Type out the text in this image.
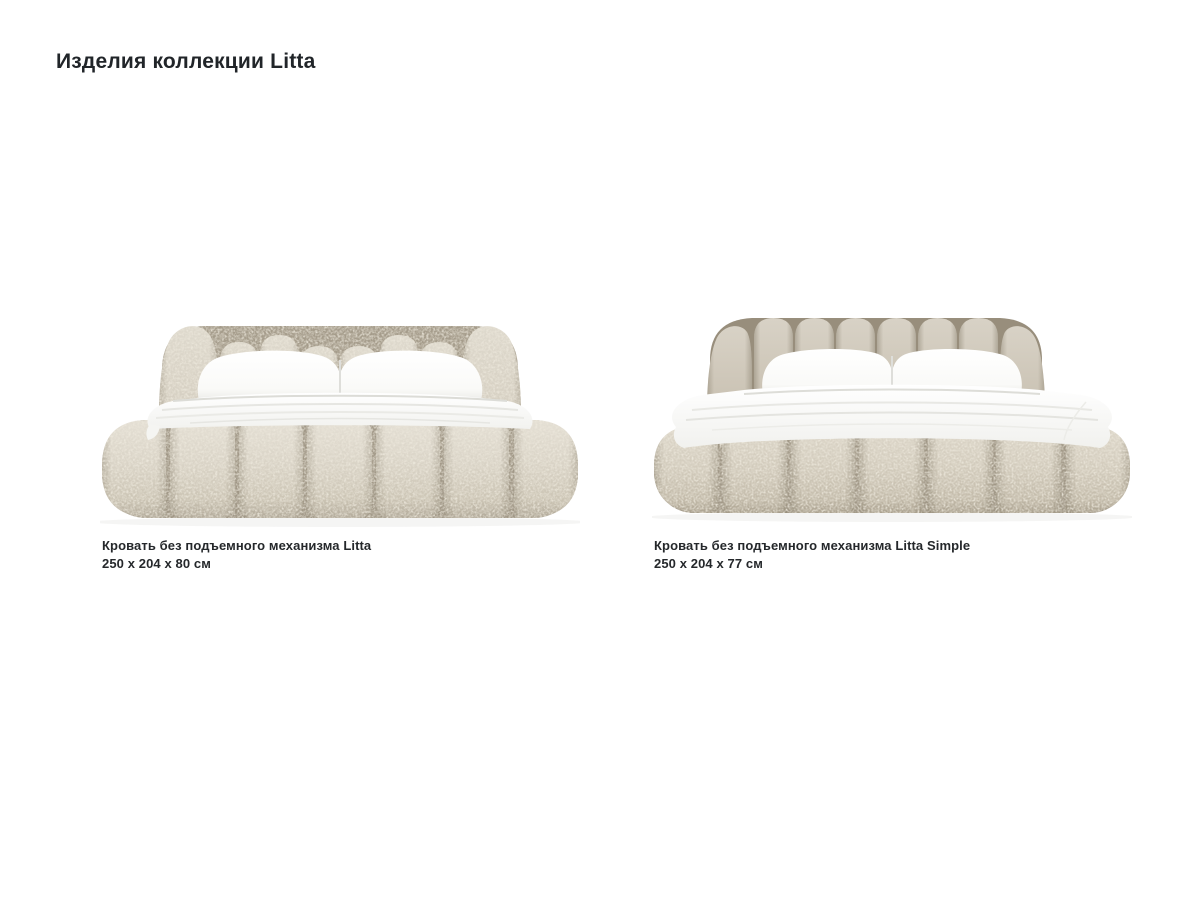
Изделия коллекции Litta
Кровать без подъемного механизма Litta
250 x 204 x 80 см
Кровать без подъемного механизма Litta Simple
250 x 204 x 77 см
